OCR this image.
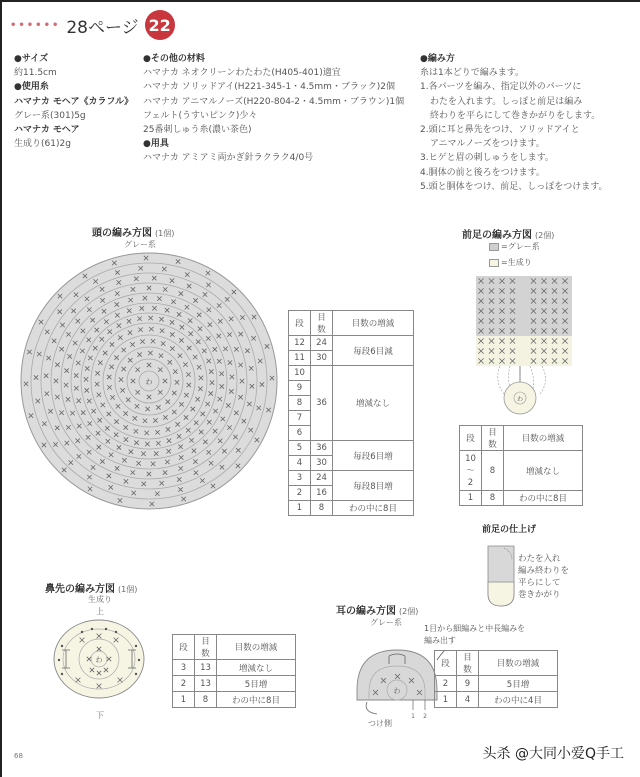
•••••• 28ページ 22
●サイズ
約11.5cm
●使用糸
ハマナカ モヘア《カラフル》
グレー系(301)5g
ハマナカ モヘア
生成り(61)2g
●その他の材料
ハマナカ ネオクリーンわたわた(H405-401)適宜
ハマナカ ソリッドアイ(H221-345-1・4.5mm・ブラック)2個
ハマナカ アニマルノーズ(H220-804-2・4.5mm・ブラウン)1個
フェルト(うすいピンク)少々
25番刺しゅう糸(濃い茶色)
●用具
ハマナカ アミアミ両かぎ針ラクラク4/0号
●編み方
糸は1本どりで編みます。
1.各パーツを編み、指定以外のパーツに
わたを入れます。しっぽと前足は編み
終わりを平らにして巻きかがりをします。
2.頭に耳と鼻先をつけ、ソリッドアイと
アニマルノーズをつけます。
3.ヒゲと眉の刺しゅうをします。
4.胴体の前と後ろをつけます。
5.頭と胴体をつけ、前足、しっぽをつけます。
頭の編み方図 (1個)
グレー系
わ
段	目数	目数の増減
12	24	毎段6目減
11	30	
10	36	増減なし
9		
8		
7		
6		
5	36	毎段6目増
4	30	
3	24	毎段8目増
2	16	
1	8	わの中に8目
前足の編み方図 (2個)
=グレー系
=生成り
わ
段	目数	目数の増減

10
〜
2	8	増減なし
1	8	わの中に8目
前足の仕上げ
わたを入れ
編み終わりを
平らにして
巻きかがり
鼻先の編み方図 (1個)
生成り
上
わ
下
段	目数	目数の増減
3	13	増減なし
2	13	5目増
1	8	わの中に8目
耳の編み方図 (2個)
グレー系
1目から細編みと中長編みを
編み出す
わ
1 2
つけ側
段	目数	目数の増減
2	9	5目増
1	4	わの中に4目
68	头杀 @大同小爱Q手工
